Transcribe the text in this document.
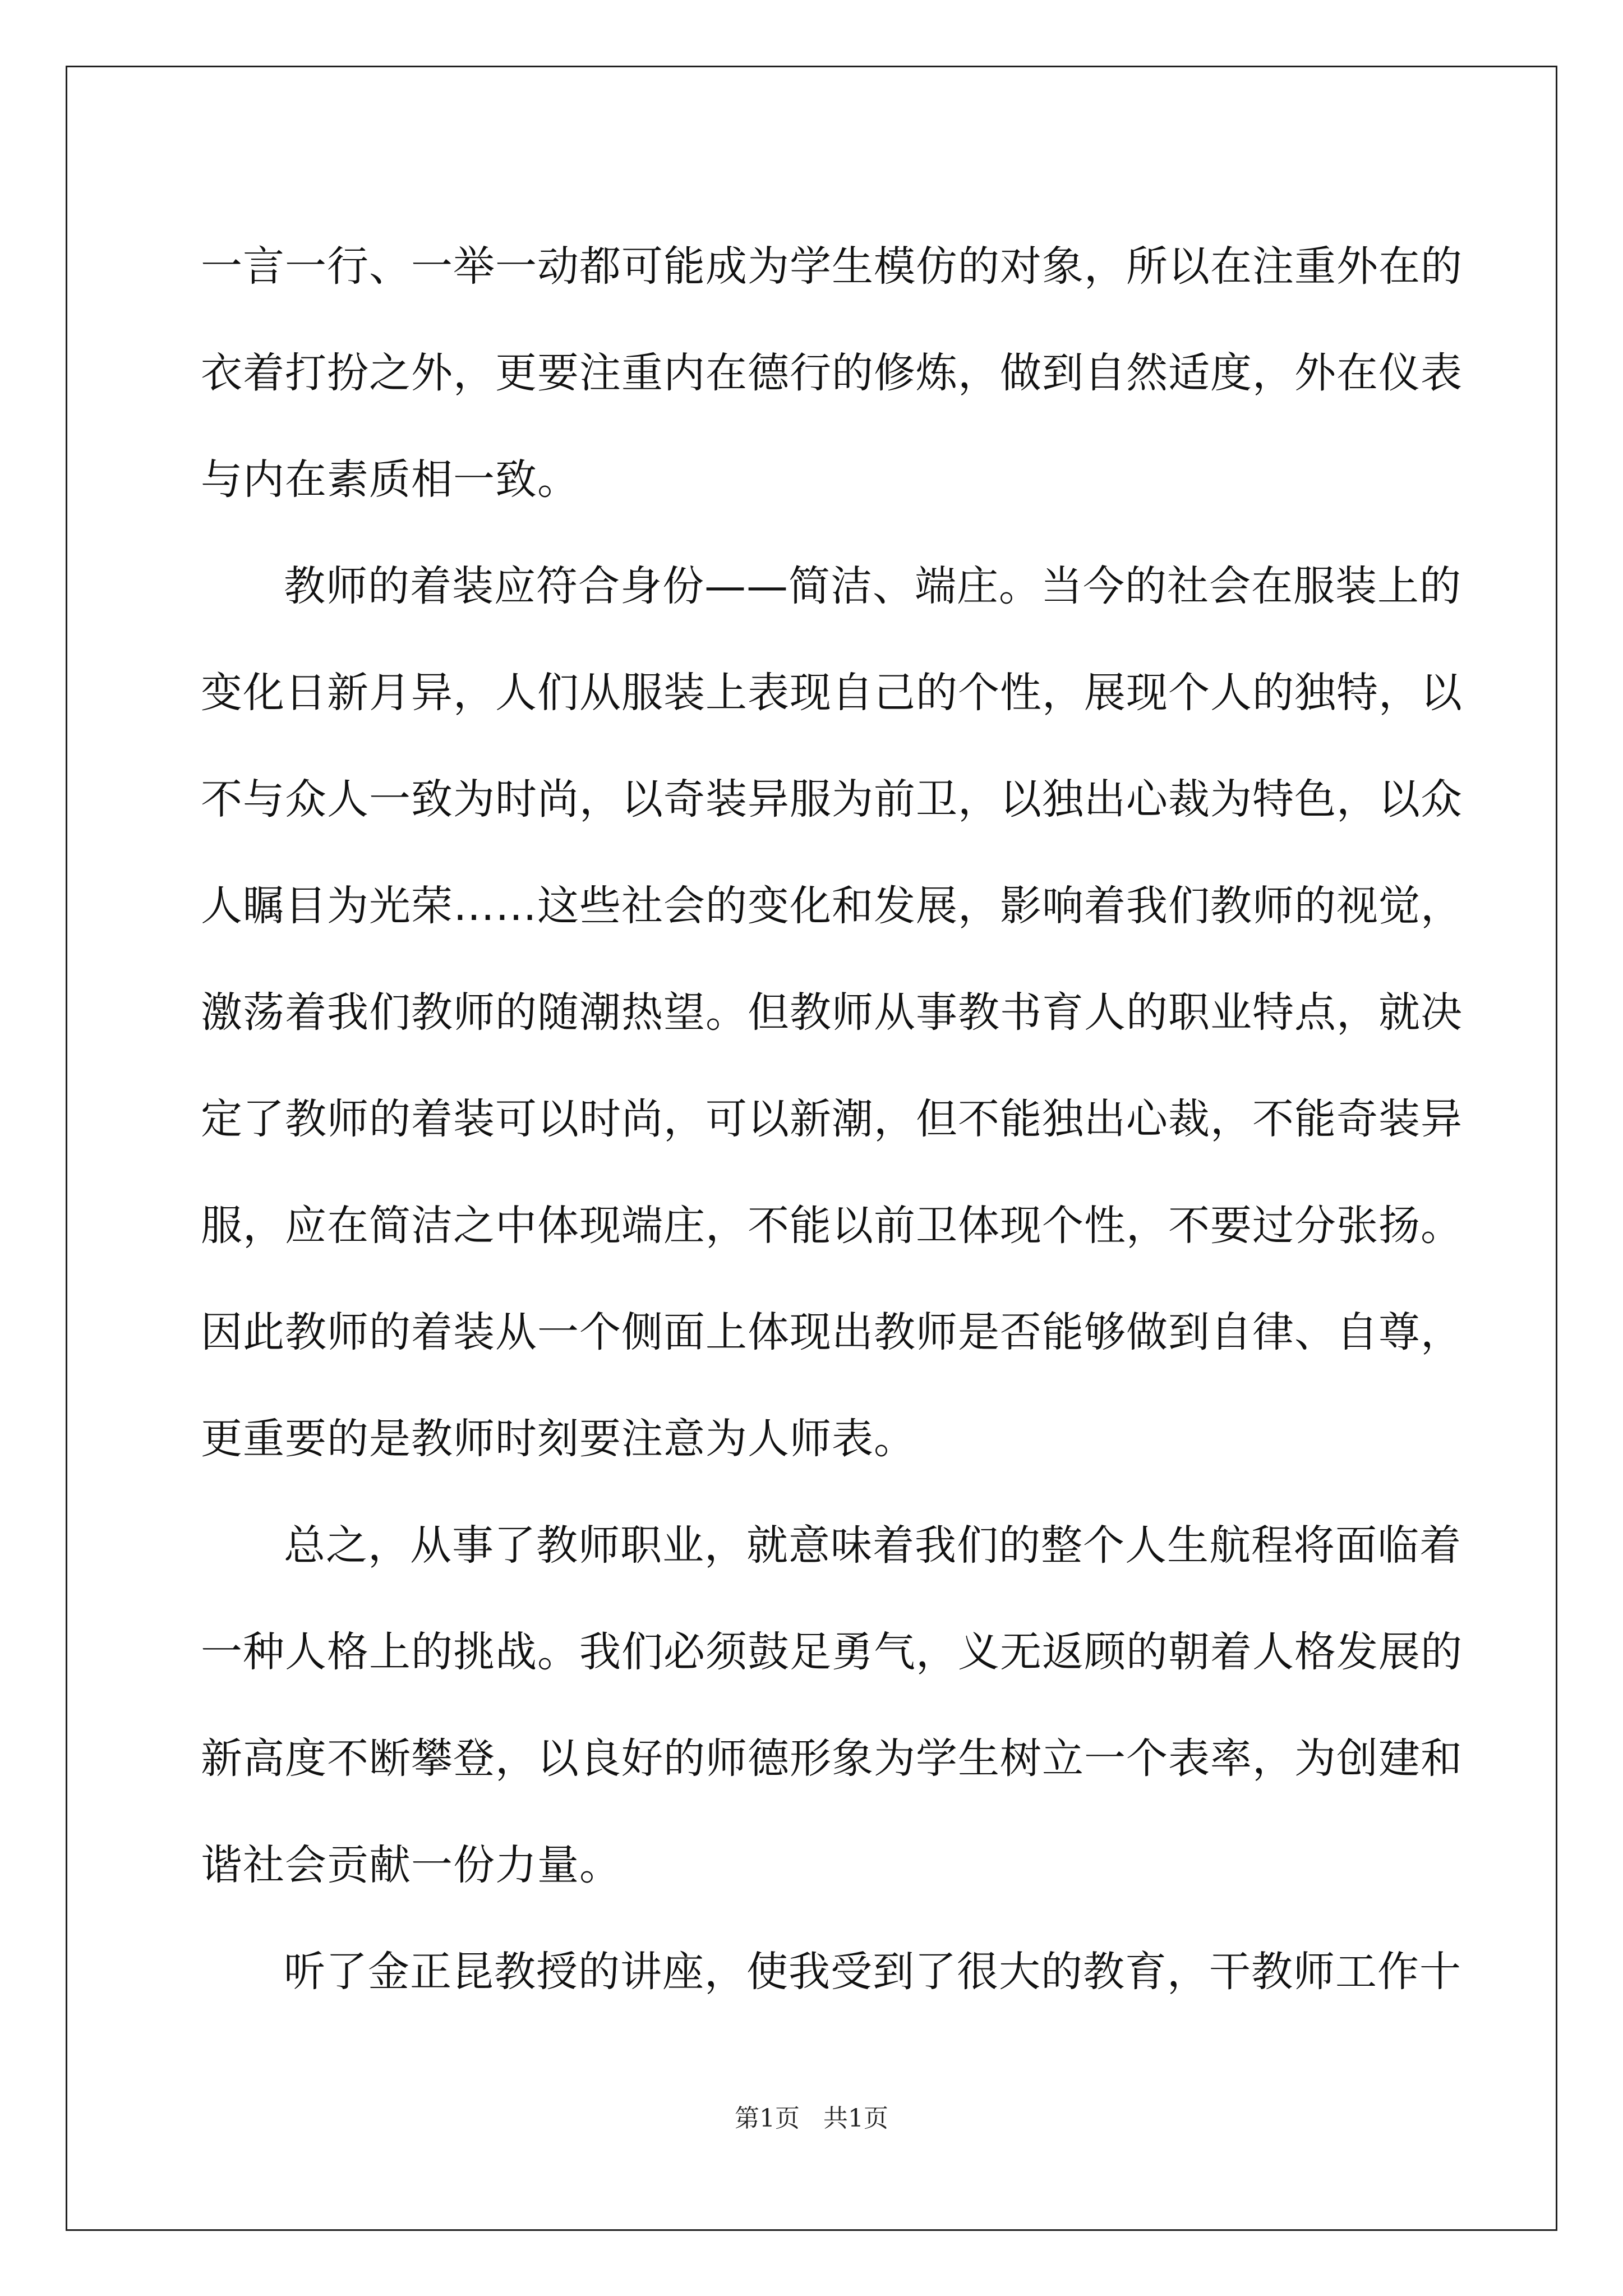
一言一行、一举一动都可能成为学生模仿的对象，所以在注重外在的
衣着打扮之外，更要注重内在德行的修炼，做到自然适度，外在仪表
与内在素质相一致。
教师的着装应符合身份——简洁、端庄。当今的社会在服装上的
变化日新月异，人们从服装上表现自己的个性，展现个人的独特，以
不与众人一致为时尚，以奇装异服为前卫，以独出心裁为特色，以众
人瞩目为光荣……这些社会的变化和发展，影响着我们教师的视觉，
激荡着我们教师的随潮热望。但教师从事教书育人的职业特点，就决
定了教师的着装可以时尚，可以新潮，但不能独出心裁，不能奇装异
服，应在简洁之中体现端庄，不能以前卫体现个性，不要过分张扬。
因此教师的着装从一个侧面上体现出教师是否能够做到自律、自尊，
更重要的是教师时刻要注意为人师表。
总之，从事了教师职业，就意味着我们的整个人生航程将面临着
一种人格上的挑战。我们必须鼓足勇气，义无返顾的朝着人格发展的
新高度不断攀登，以良好的师德形象为学生树立一个表率，为创建和
谐社会贡献一份力量。
听了金正昆教授的讲座，使我受到了很大的教育，干教师工作十
第1页 共1页
